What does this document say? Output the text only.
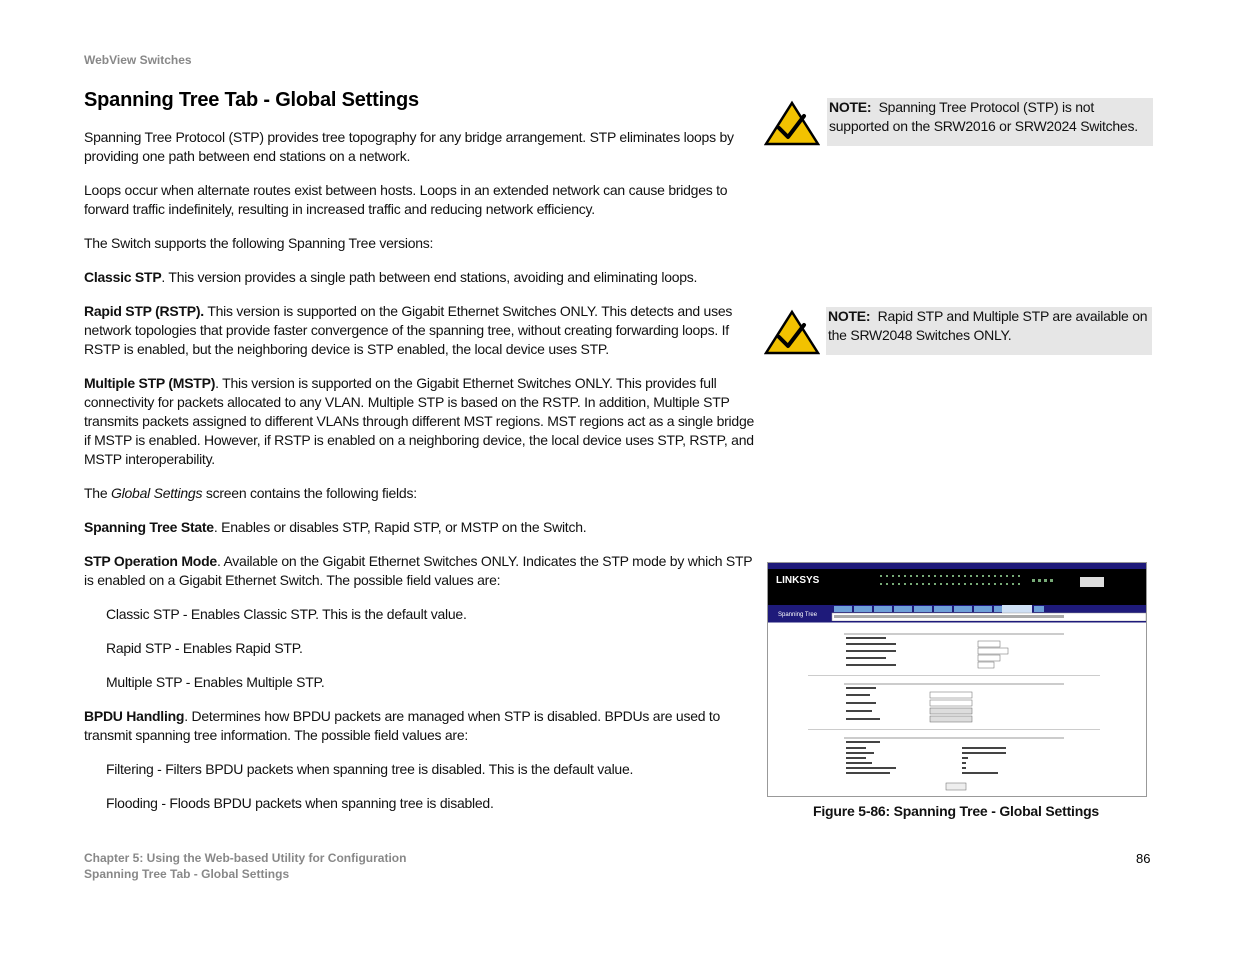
WebView Switches
Spanning Tree Tab - Global Settings

Spanning Tree Protocol (STP) provides tree topography for any bridge arrangement. STP eliminates loops by providing one path between end stations on a network.

Loops occur when alternate routes exist between hosts. Loops in an extended network can cause bridges to forward traffic indefinitely, resulting in increased traffic and reducing network efficiency.

The Switch supports the following Spanning Tree versions:

Classic STP. This version provides a single path between end stations, avoiding and eliminating loops.

Rapid STP (RSTP). This version is supported on the Gigabit Ethernet Switches ONLY. This detects and uses network topologies that provide faster convergence of the spanning tree, without creating forwarding loops. If RSTP is enabled, but the neighboring device is STP enabled, the local device uses STP.

Multiple STP (MSTP). This version is supported on the Gigabit Ethernet Switches ONLY. This provides full connectivity for packets allocated to any VLAN. Multiple STP is based on the RSTP. In addition, Multiple STP transmits packets assigned to different VLANs through different MST regions. MST regions act as a single bridge if MSTP is enabled. However, if RSTP is enabled on a neighboring device, the local device uses STP, RSTP, and MSTP interoperability.

The Global Settings screen contains the following fields:

Spanning Tree State. Enables or disables STP, Rapid STP, or MSTP on the Switch.

STP Operation Mode. Available on the Gigabit Ethernet Switches ONLY. Indicates the STP mode by which STP is enabled on a Gigabit Ethernet Switch. The possible field values are:

Classic STP - Enables Classic STP. This is the default value.

Rapid STP - Enables Rapid STP.

Multiple STP - Enables Multiple STP.

BPDU Handling. Determines how BPDU packets are managed when STP is disabled. BPDUs are used to transmit spanning tree information. The possible field values are:

Filtering - Filters BPDU packets when spanning tree is disabled. This is the default value.

Flooding - Floods BPDU packets when spanning tree is disabled.

NOTE: Spanning Tree Protocol (STP) is not supported on the SRW2016 or SRW2024 Switches.
NOTE: Rapid STP and Multiple STP are available on the SRW2048 Switches ONLY.
LINKSYS
Spanning Tree
Figure 5-86: Spanning Tree - Global Settings
Chapter 5: Using the Web-based Utility for Configuration
Spanning Tree Tab - Global Settings
86
